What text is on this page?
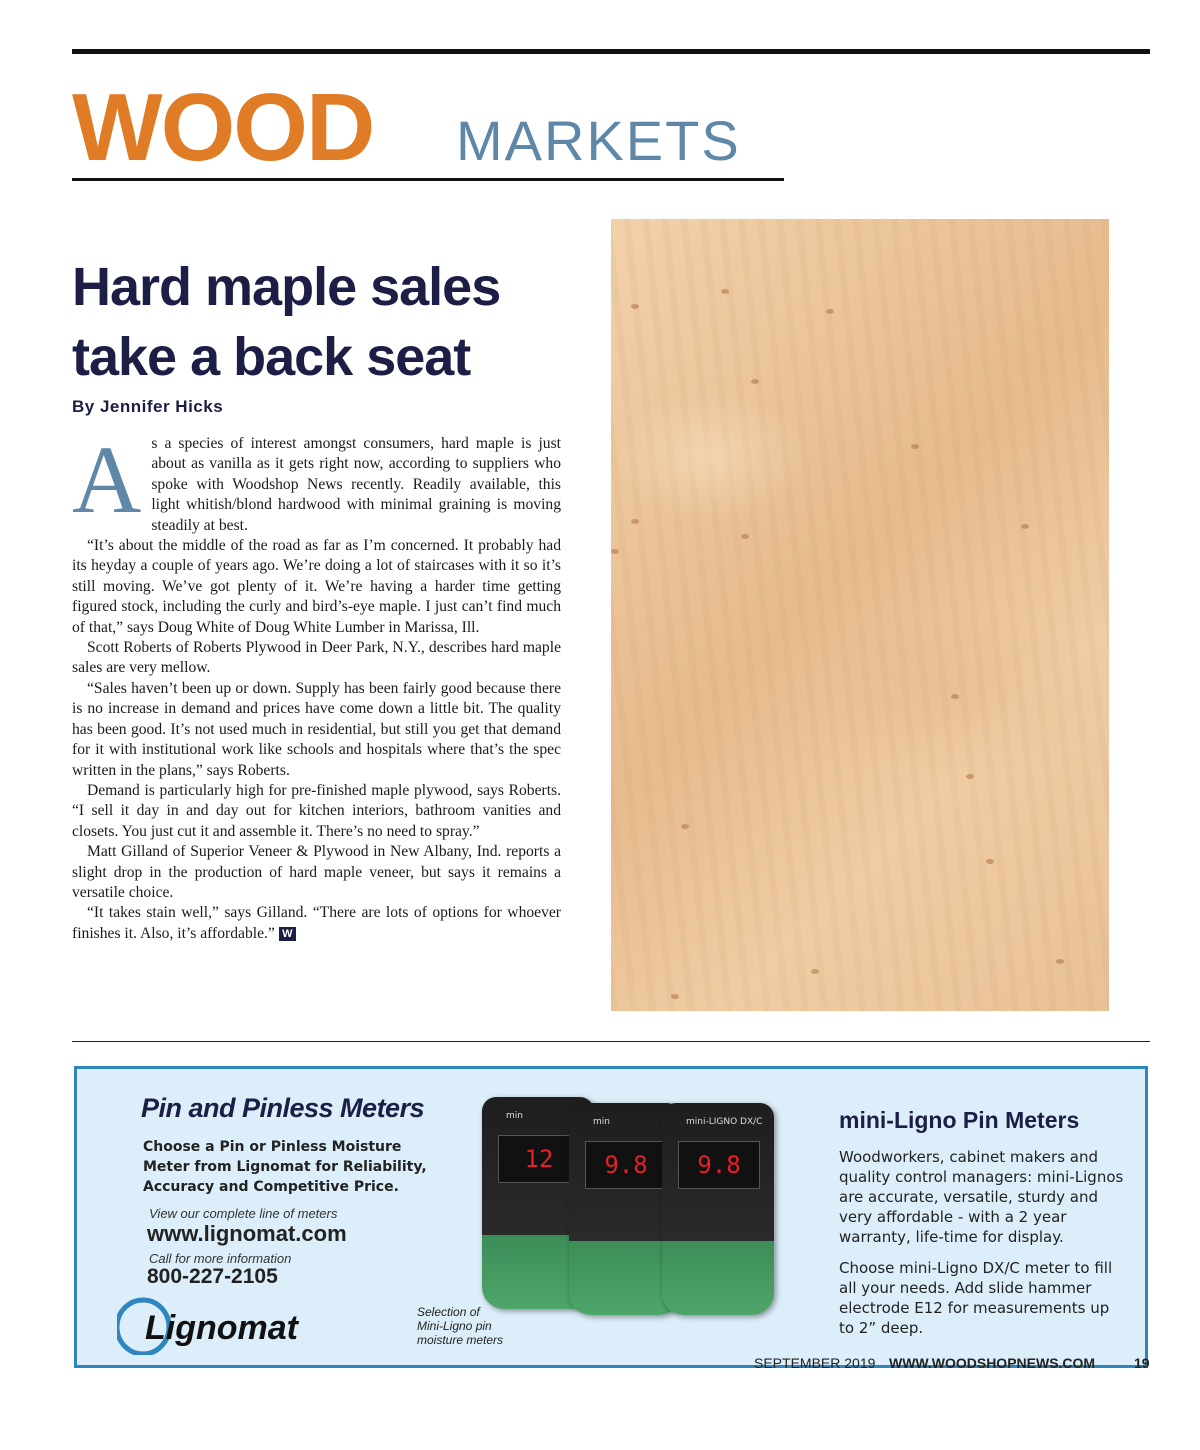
WOOD MARKETS
Hard maple sales take a back seat
By Jennifer Hicks

As a species of interest amongst consumers, hard maple is just about as vanilla as it gets right now, according to suppliers who spoke with Woodshop News recently. Readily available, this light whitish/blond hardwood with minimal graining is moving steadily at best.

“It’s about the middle of the road as far as I’m concerned. It probably had its heyday a couple of years ago. We’re doing a lot of staircases with it so it’s still moving. We’ve got plenty of it. We’re having a harder time getting figured stock, including the curly and bird’s-eye maple. I just can’t find much of that,” says Doug White of Doug White Lumber in Marissa, Ill.

Scott Roberts of Roberts Plywood in Deer Park, N.Y., describes hard maple sales are very mellow.

“Sales haven’t been up or down. Supply has been fairly good because there is no increase in demand and prices have come down a little bit. The quality has been good. It’s not used much in residential, but still you get that demand for it with institutional work like schools and hospitals where that’s the spec written in the plans,” says Roberts.

Demand is particularly high for pre-finished maple plywood, says Roberts. “I sell it day in and day out for kitchen interiors, bathroom vanities and closets. You just cut it and assemble it. There’s no need to spray.”

Matt Gilland of Superior Veneer & Plywood in New Albany, Ind. reports a slight drop in the production of hard maple veneer, but says it remains a versatile choice.

“It takes stain well,” says Gilland. “There are lots of options for whoever finishes it. Also, it’s affordable.” W

Pin and Pinless Meters
Choose a Pin or Pinless Moisture Meter from Lignomat for Reliability, Accuracy and Competitive Price.
View our complete line of meters
www.lignomat.com
Call for more information
800-227-2105
Lignomat
min
12
min
9.8
mini-LIGNO DX/C
9.8
Selection of Mini-Ligno pin moisture meters
mini-Ligno Pin Meters
Woodworkers, cabinet makers and quality control managers: mini-Lignos are accurate, versatile, sturdy and very affordable - with a 2 year warranty, life-time for display.
Choose mini-Ligno DX/C meter to fill all your needs. Add slide hammer electrode E12 for measurements up to 2” deep.
SEPTEMBER 2019 WWW.WOODSHOPNEWS.COM	19
